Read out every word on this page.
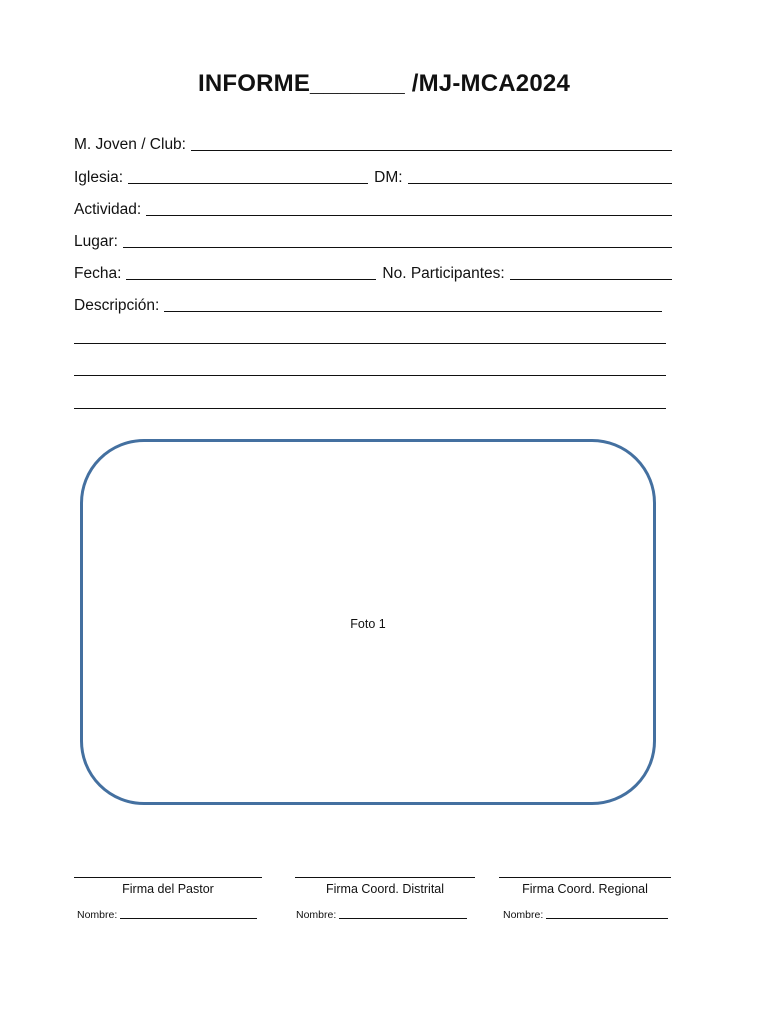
INFORME_______ /MJ-MCA2024
M. Joven / Club:
Iglesia:	DM:
Actividad:
Lugar:
Fecha:	No. Participantes:
Descripción:
Foto 1
Firma del Pastor	Firma Coord. Distrital	Firma Coord. Regional
Nombre:	Nombre:	Nombre:
